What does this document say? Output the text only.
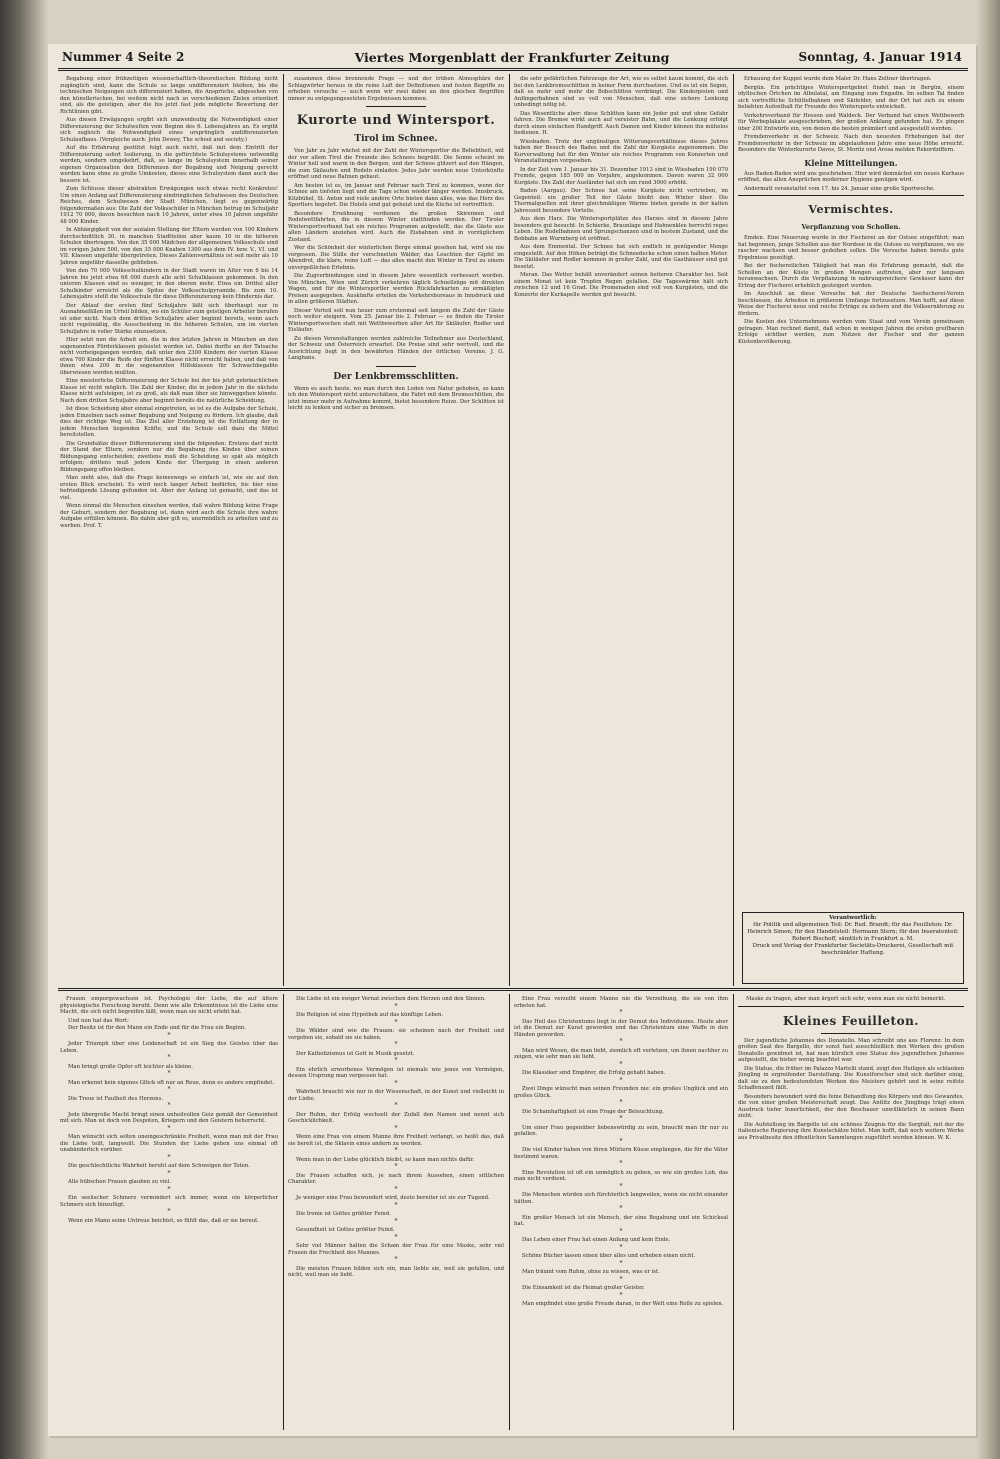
Nummer 4 Seite 2	Viertes Morgenblatt der Frankfurter Zeitung	Sonntag, 4. Januar 1914

Begabung einer frühzeitigen wissenschaftlich-theoretischen Bildung nicht zugänglich sind, kann die Schule so lange undifferenziert bleiben, bis die technischen Neigungen sich differenziert haben, die Ansprüche, abgesehen von den künstlerischen, bei weitem nicht nach so verschiedenen Zielen orientiert sind, als die geistigen, aber die bis jetzt fast jede mögliche Bewertung der Richtlinien gibt.

Aus diesen Erwägungen ergibt sich unzweideutig die Notwendigkeit einer Differenzierung der Schulwelten vom Beginn des 6. Lebensjahres an. Es ergibt sich zugleich die Notwendigkeit eines ursprünglich undifferenzierten Schulaufbaus. (Vergleiche auch: John Dewey, The school and society.)

Auf die Erfahrung gestützt folgt auch nicht, daß mit dem Eintritt der Differenzierung sofort Isolierung, in die gefürchtete Schulsysteme notwendig werden, sondern umgekehrt, daß, so lange im Schulsystem innerhalb seiner eigenen Organisation den Differenzen der Begabung und Neigung gerecht werden kann ohne zu große Umkosten, dieses eine Schulsystem dann auch das bessere ist.

Zum Schlusse dieser abstrakten Erwägungen noch etwas recht Konkretes! Um einen Anfang auf Differenzierung eindringlichen Schulwesen des Deutschen Reiches, dem Schulwesen der Stadt München, liegt es gegenwärtig folgendermaßen aus: Die Zahl der Volksschüler in München betrug im Schuljahr 1912 70 000, davon besuchten nach 10 Jahren, unter etwa 10 Jahren ungefähr 48 000 Kinder.

In Abhängigkeit von der sozialen Stellung der Eltern werden von 100 Kindern durchschnittlich 30, in manchen Stadtteilen aber kaum 10 in die höheren Schulen übertragen. Von den 35 000 Mädchen der allgemeinen Volksschule sind im vorigen Jahre 500, von den 35 000 Knaben 1300 aus dem IV. bzw. V., VI. und VII. Klassen ungefähr übergetreten. Dieses Zahlenverhältnis ist seit mehr als 10 Jahren ungefähr dasselbe geblieben.

Von den 70 000 Volksschulkindern in der Stadt waren im Alter von 6 bis 14 Jahren bis jetzt etwa 68 000 durch alle acht Schulklassen gekommen. In den unteren Klassen sind es weniger, in den oberen mehr. Etwa ein Drittel aller Schulkinder erreicht als die Spitze der Volksschulpyramide. Bis zum 10. Lebensjahre stellt die Volksschule für diese Differenzierung kein Hindernis dar.

Der Ablauf der ersten fünf Schuljahre läßt sich überhaupt nur in Ausnahmefällen im Urteil bilden, wo ein Schüler zum geistigen Arbeiter berufen ist oder nicht. Nach dem dritten Schuljahre aber beginnt bereits, wenn auch nicht regelmäßig, die Ausscheidung in die höheren Schulen, um im vierten Schuljahre in voller Stärke einzusetzen.

Hier setzt nun die Arbeit ein, die in den letzten Jahren in München an den sogenannten Förderklassen geleistet worden ist. Dabei durfte an der Tatsache nicht vorbeigegangen werden, daß unter den 2300 Kindern der vierten Klasse etwa 700 Kinder die Reife der fünften Klasse nicht erreicht haben, und daß von ihnen etwa 200 in die sogenannten Hilfsklassen für Schwachbegabte überwiesen werden mußten.

Eine meisterliche Differenzierung der Schule bei der bis jetzt gebräuchlichen Klasse ist nicht möglich. Die Zahl der Kinder, die in jedem Jahr in die nächste Klasse nicht aufsteigen, ist zu groß, als daß man über sie hinweggehen könnte. Nach dem dritten Schuljahre aber beginnt bereits die natürliche Scheidung.

Ist diese Scheidung aber einmal eingetreten, so ist es die Aufgabe der Schule, jeden Einzelnen nach seiner Begabung und Neigung zu fördern. Ich glaube, daß dies der richtige Weg ist. Das Ziel aller Erziehung ist die Entfaltung der in jedem Menschen liegenden Kräfte, und die Schule soll dazu die Mittel bereitstellen.

Die Grundsätze dieser Differenzierung sind die folgenden: Erstens darf nicht der Stand der Eltern, sondern nur die Begabung des Kindes über seinen Bildungsgang entscheiden; zweitens muß die Scheidung so spät als möglich erfolgen; drittens muß jedem Kinde der Übergang in einen anderen Bildungsgang offen bleiben.

Man sieht also, daß die Frage keineswegs so einfach ist, wie sie auf den ersten Blick erscheint. Es wird noch langer Arbeit bedürfen, bis hier eine befriedigende Lösung gefunden ist. Aber der Anfang ist gemacht, und das ist viel.

Wenn einmal die Menschen einsehen werden, daß wahre Bildung keine Frage der Geburt, sondern der Begabung ist, dann wird auch die Schule ihre wahre Aufgabe erfüllen können. Bis dahin aber gilt es, unermüdlich zu arbeiten und zu werben. Prof. T.

zusammen diese brennende Frage — und der trüben Atmosphäre der Schlagwörter heraus in die reine Luft der Definitionen und festen Begriffe zu erheben versuche — auch wenn wir zwei dabei an den gleichen Begriffen immer zu entgegengesetzten Ergebnissen kommen.

Kurorte und Wintersport.
Tirol im Schnee.

Von Jahr zu Jahr wächst mit der Zahl der Wintersportler die Beliebtheit, mit der vor allem Tirol die Freunde des Schnees begrüßt. Die Sonne scheint im Winter hell und warm in den Bergen, und der Schnee glitzert auf den Hängen, die zum Skilaufen und Rodeln einladen. Jedes Jahr werden neue Unterkünfte eröffnet und neue Bahnen gebaut.

Am besten ist es, im Januar und Februar nach Tirol zu kommen, wenn der Schnee am tiefsten liegt und die Tage schon wieder länger werden. Innsbruck, Kitzbühel, St. Anton und viele andere Orte bieten dann alles, was das Herz des Sportlers begehrt. Die Hotels sind gut geheizt und die Küche ist vortrefflich.

Besondere Erwähnung verdienen die großen Skirennen und Rodelwettfahrten, die in diesem Winter stattfinden werden. Der Tiroler Wintersportverband hat ein reiches Programm aufgestellt, das die Gäste aus allen Ländern anziehen wird. Auch die Eisbahnen sind in vorzüglichem Zustand.

Wer die Schönheit der winterlichen Berge einmal gesehen hat, wird sie nie vergessen. Die Stille der verschneiten Wälder, das Leuchten der Gipfel im Abendrot, die klare, reine Luft — das alles macht den Winter in Tirol zu einem unvergeßlichen Erlebnis.

Die Zugverbindungen sind in diesem Jahre wesentlich verbessert worden. Von München, Wien und Zürich verkehren täglich Schnellzüge mit direkten Wagen, und für die Wintersportler werden Rückfahrkarten zu ermäßigten Preisen ausgegeben. Auskünfte erteilen die Verkehrsbureaus in Innsbruck und in allen größeren Städten.

Dieser Vorteil soll nun heuer zum erstenmal seit langem die Zahl der Gäste noch weiter steigern. Vom 25. Januar bis 2. Februar — es finden die Tiroler Wintersportwochen statt mit Wettbewerben aller Art für Skiläufer, Rodler und Eisläufer.

Zu diesen Veranstaltungen werden zahlreiche Teilnehmer aus Deutschland, der Schweiz und Österreich erwartet. Die Preise sind sehr wertvoll, und die Ausrichtung liegt in den bewährten Händen der örtlichen Vereine. J. G. Langhans.

Der Lenkbremsschlitten.

Wenn es auch heute, wo man durch den Loden von Natur gehoben, so kann ich den Wintersport nicht unterschätzen, die Fahrt mit dem Bremsschlitten, die jetzt immer mehr in Aufnahme kommt, bietet besondere Reize. Der Schlitten ist leicht zu lenken und sicher zu bremsen.

die sehr gefährlichen Fahrzeuge der Art, wie es selbst kaum kommt, die sich bei den Lenkbremsschlitten in keiner Form durchsetzen. Und es ist ein Segen, daß es mehr und mehr die Bobschlitten verdrängt. Die Kinderpisten und Anfängerbahnen sind so voll von Menschen, daß eine sichere Lenkung unbedingt nötig ist.

Das Wesentliche aber: diese Schlitten kann ein Jeder gut und ohne Gefahr fahren. Die Bremse wirkt auch auf vereister Bahn, und die Lenkung erfolgt durch einen einfachen Handgriff. Auch Damen und Kinder können ihn mühelos bedienen. H.

Wiesbaden. Trotz der ungünstigen Witterungsverhältnisse dieses Jahres haben der Besuch des Bades und die Zahl der Kurgäste zugenommen. Die Kurverwaltung hat für den Winter ein reiches Programm von Konzerten und Veranstaltungen vorgesehen.

In der Zeit vom 1. Januar bis 31. Dezember 1913 sind in Wiesbaden 190 070 Fremde, gegen 185 000 im Vorjahre, angekommen. Davon waren 32 000 Kurgäste. Die Zahl der Ausländer hat sich um rund 3000 erhöht.

Baden (Aargau). Der Schnee hat seine Kurgäste nicht vertrieben, im Gegenteil: ein großer Teil der Gäste bleibt den Winter über. Die Thermalquellen mit ihrer gleichmäßigen Wärme bieten gerade in der kalten Jahreszeit besondere Vorteile.

Aus dem Harz. Die Wintersportplätze des Harzes sind in diesem Jahre besonders gut besucht. In Schierke, Braunlage und Hahnenklee herrscht reges Leben. Die Rodelbahnen und Sprungschanzen sind in bestem Zustand, und die Bobbahn am Wurmberg ist eröffnet.

Aus dem Emmental. Der Schnee hat sich endlich in genügender Menge eingestellt. Auf den Höhen beträgt die Schneedecke schon einen halben Meter. Die Skiläufer und Rodler kommen in großer Zahl, und die Gasthäuser sind gut besetzt.

Meran. Das Wetter behält unverändert seinen heiteren Charakter bei. Seit einem Monat ist kein Tropfen Regen gefallen. Die Tageswärme hält sich zwischen 12 und 16 Grad. Die Promenaden sind voll von Kurgästen, und die Konzerte der Kurkapelle werden gut besucht.

Erbauung der Kuppel wurde dem Maler Dr. Hans Zeltner übertragen.

Bergün. Ein prächtiges Wintersportgebiet findet man in Bergün, einem idyllischen Örtchen im Albulatal, am Eingang zum Engadin. Im selben Tal finden sich vortreffliche Schlittelbahnen und Skifelder, und der Ort hat sich zu einem beliebten Aufenthalt für Freunde des Wintersports entwickelt.

Verkehrsverband für Hessen und Waldeck. Der Verband hat einen Wettbewerb für Werbeplakate ausgeschrieben, der großen Anklang gefunden hat. Es gingen über 200 Entwürfe ein, von denen die besten prämiiert und ausgestellt werden.

Fremdenverkehr in der Schweiz. Nach den neuesten Erhebungen hat der Fremdenverkehr in der Schweiz im abgelaufenen Jahre eine neue Höhe erreicht. Besonders die Winterkurorte Davos, St. Moritz und Arosa melden Rekordziffern.

Kleine Mitteilungen.

Aus Baden-Baden wird uns geschrieben: Hier wird demnächst ein neues Kurhaus eröffnet, das allen Ansprüchen moderner Hygiene genügen wird.

Andermatt veranstaltet vom 17. bis 24. Januar eine große Sportwoche.

Vermischtes.
Verpflanzung von Schollen.

Emden. Eine Neuerung wurde in der Fischerei an der Ostsee eingeführt: man hat begonnen, junge Schollen aus der Nordsee in die Ostsee zu verpflanzen, wo sie rascher wachsen und besser gedeihen sollen. Die Versuche haben bereits gute Ergebnisse gezeitigt.

Bei der fischereilichen Tätigkeit hat man die Erfahrung gemacht, daß die Schollen an der Küste in großen Mengen auftreten, aber nur langsam heranwachsen. Durch die Verpflanzung in nahrungsreichere Gewässer kann der Ertrag der Fischerei erheblich gesteigert werden.

Im Anschluß an diese Versuche hat der Deutsche Seefischerei-Verein beschlossen, die Arbeiten in größerem Umfange fortzusetzen. Man hofft, auf diese Weise der Fischerei neue und reiche Erträge zu sichern und die Volksernährung zu fördern.

Die Kosten des Unternehmens werden vom Staat und vom Verein gemeinsam getragen. Man rechnet damit, daß schon in wenigen Jahren die ersten greifbaren Erfolge sichtbar werden, zum Nutzen der Fischer und der ganzen Küstenbevölkerung.

Verantwortlich:
für Politik und allgemeinen Teil: Dr. Rud. Brandt; für das Feuilleton: Dr. Heinrich Simon; für den Handelsteil: Hermann Stern; für den Inseratenteil: Robert Bischoff, sämtlich in Frankfurt a. M.
Druck und Verlag der Frankfurter Societäts-Druckerei, Gesellschaft mit beschränkter Haftung.

Frauen emporgewachsen ist. Psychologie der Liebe, die auf ältere physiologische Forschung beruht. Denn wie alle Erkenntnisse ist die Liebe eine Macht, die sich nicht begreifen läßt, wenn man sie nicht erlebt hat.

Und nun hat das Wort:

Der Besitz ist für den Mann ein Ende und für die Frau ein Beginn.

*

Jeder Triumph über eine Leidenschaft ist ein Sieg des Geistes über das Leben.

*

Man bringt große Opfer oft leichter als kleine.

*

Man erkennt kein eigenes Glück oft nur an Reue, denn es andere empfindet.

*

Die Treue ist Faulheit des Herzens.

*

Jede übergroße Macht bringt einen unheilvollen Geiz gemäß der Gemeinheit mit sich. Man ist doch von Despoten, Kriegern und den Geistern beherrscht.

*

Man wünscht sich selten uneingeschränkte Freiheit, wenn man mit der Frau die Liebe teilt, langweilt. Die Stunden der Liebe gehen uns einmal oft unabänderlich vorüber.

*

Die geschlechtliche Wahrheit beruht auf dem Schweigen der Toten.

*

Alle hübschen Frauen glauben zu viel.

*

Ein seelischer Schmerz vermindert sich immer, wenn ein körperlicher Schmerz sich hinzufügt.

*

Wenn ein Mann seine Untreue beichtet, so fühlt das, daß er sie bereut.

Die Liebe ist ein ewiger Vernat zwischen dem Herzen und den Sinnen.

*

Die Religion ist eine Hypothek auf das künftige Leben.

*

Die Wälder sind wie die Frauen: sie scheinen nach der Freiheit und vergeben sie, sobald sie sie haben.

*

Der Katholizismus ist Gott in Musik gesetzt.

*

Ein ehrlich erworbenes Vermögen ist niemals wie jenes von Vermögen, dessen Ursprung man vergessen hat.

*

Wahrheit braucht wie nur in der Wissenschaft, in der Kunst und vielleicht in der Liebe.

*

Der Ruhm, der Erfolg wechselt der Zufall den Namen und nennt sich Geschicklichkeit.

*

Wenn eine Frau von einem Manne ihre Freiheit verlangt, so heißt das, daß sie bereit ist, die Sklavin eines andern zu werden.

*

Wenn man in der Liebe glücklich bleibt, so kann man nichts dafür.

*

Die Frauen schaffen sich, je nach ihrem Aussehen, einen sittlichen Charakter.

*

Je weniger eine Frau bewundert wird, desto bereiter ist sie zur Tugend.

*

Die Ironie ist Gottes größter Feind.

*

Gesundheit ist Gottes größter Feind.

*

Sehr viel Männer halten die Scham der Frau für eine Maske, sehr viel Frauen die Frechheit des Mannes.

*

Die meisten Frauen bilden sich ein, man liebte sie, weil sie gefallen, und nicht, weil man sie liebt.

Eine Frau verzeiht einem Manne nie die Verzeihung, die sie von ihm erbeten hat.

*

Das Heil des Christentums liegt in der Demut des Individuums. Heute aber ist die Demut zur Kunst geworden und das Christentum eine Waffe in den Händen geworden.

*

Man wird Wesen, die man liebt, ziemlich oft verletzen, um ihnen nachher zu zeigen, wie sehr man sie liebt.

*

Die Klassiker sind Empörer, die Erfolg gehabt haben.

*

Zwei Dinge wünscht man seinen Freunden nie: ein großes Unglück und ein großes Glück.

*

Die Schamhaftigkeit ist eine Frage der Beleuchtung.

*

Um einer Frau gegenüber liebenswürdig zu sein, braucht man ihr nur zu gefallen.

*

Die viel Kinder haben von ihren Müttern Küsse empfangen, die für die Väter bestimmt waren.

*

Eine Revolution ist oft ein unmöglich zu geben, so wie ein großes Lob, das man nicht verdient.

*

Die Menschen würden sich fürchterlich langweilen, wenn sie nicht einander hätten.

*

Ein großer Mensch ist ein Mensch, der eine Begabung und ein Schicksal hat.

*

Das Leben einer Frau hat einen Anfang und kein Ende.

*

Schöne Bücher lassen einen über alles und erheben einen nicht.

*

Man träumt vom Ruhm, ohne zu wissen, was er ist.

*

Die Einsamkeit ist die Heimat großer Geister.

*

Man empfindet eine große Freude daran, in der Welt eine Rolle zu spielen.

Maske zu tragen, aber man ärgert sich sehr, wenn man sie nicht bemerkt.

Kleines Feuilleton.

Der jugendliche Johannes des Donatello. Man schreibt uns aus Florenz: In dem großen Saal des Bargello, der sonst fast ausschließlich den Werken des großen Donatello gewidmet ist, hat man kürzlich eine Statue des jugendlichen Johannes aufgestellt, die bisher wenig beachtet war.

Die Statue, die früher im Palazzo Martelli stand, zeigt den Heiligen als schlanken Jüngling in ergreifender Darstellung. Die Kunstforscher sind sich darüber einig, daß sie zu den bedeutendsten Werken des Meisters gehört und in seine reifste Schaffenszeit fällt.

Besonders bewundert wird die feine Behandlung des Körpers und des Gewandes, die von einer großen Meisterschaft zeugt. Das Antlitz des Jünglings trägt einen Ausdruck tiefer Innerlichkeit, der den Beschauer unwillkürlich in seinen Bann zieht.

Die Aufstellung im Bargello ist ein schönes Zeugnis für die Sorgfalt, mit der die italienische Regierung ihre Kunstschätze hütet. Man hofft, daß noch weitere Werke aus Privatbesitz den öffentlichen Sammlungen zugeführt werden können. W. K.
